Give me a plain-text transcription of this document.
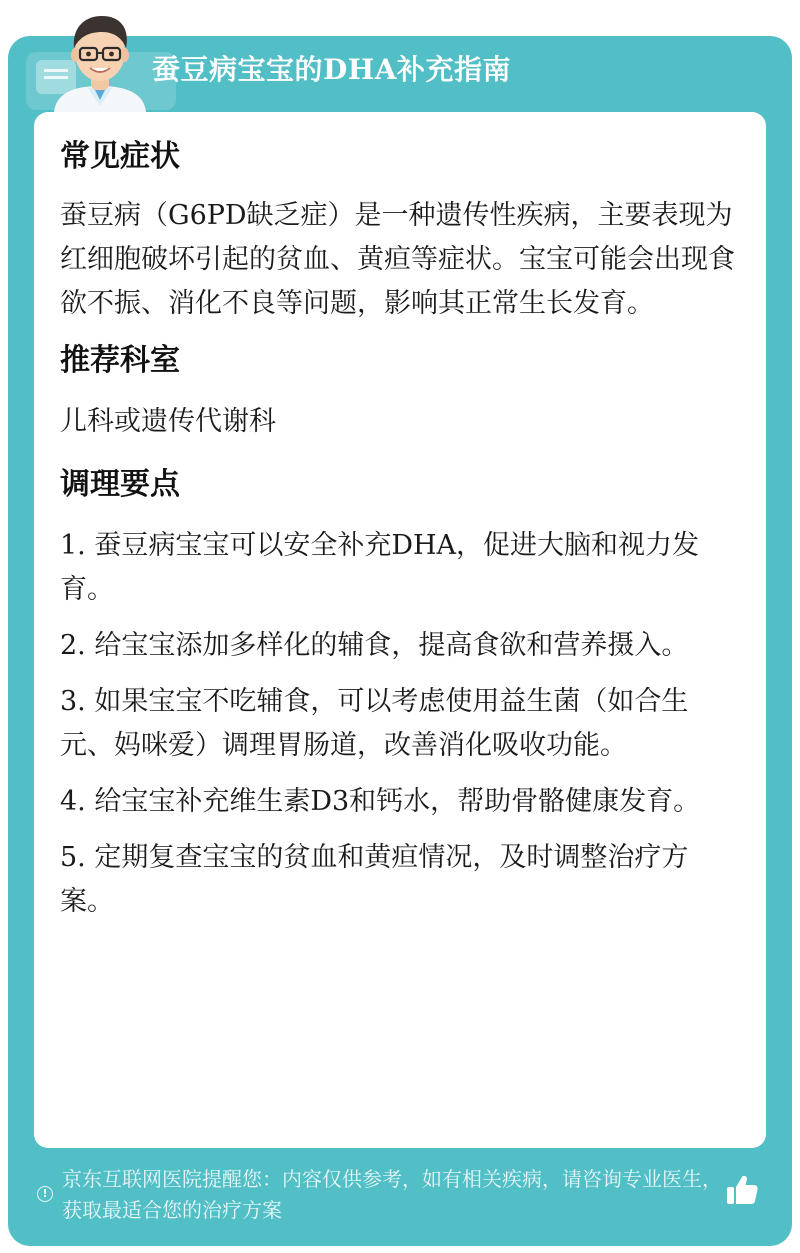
蚕豆病宝宝的DHA补充指南
常见症状

蚕豆病（G6PD缺乏症）是一种遗传性疾病，主要表现为红细胞破坏引起的贫血、黄疸等症状。宝宝可能会出现食欲不振、消化不良等问题，影响其正常生长发育。

推荐科室

儿科或遗传代谢科

调理要点
1. 蚕豆病宝宝可以安全补充DHA，促进大脑和视力发育。
2. 给宝宝添加多样化的辅食，提高食欲和营养摄入。
3. 如果宝宝不吃辅食，可以考虑使用益生菌（如合生元、妈咪爱）调理胃肠道，改善消化吸收功能。
4. 给宝宝补充维生素D3和钙水，帮助骨骼健康发育。
5. 定期复查宝宝的贫血和黄疸情况，及时调整治疗方案。
!
京东互联网医院提醒您：内容仅供参考，如有相关疾病，请咨询专业医生，获取最适合您的治疗方案
